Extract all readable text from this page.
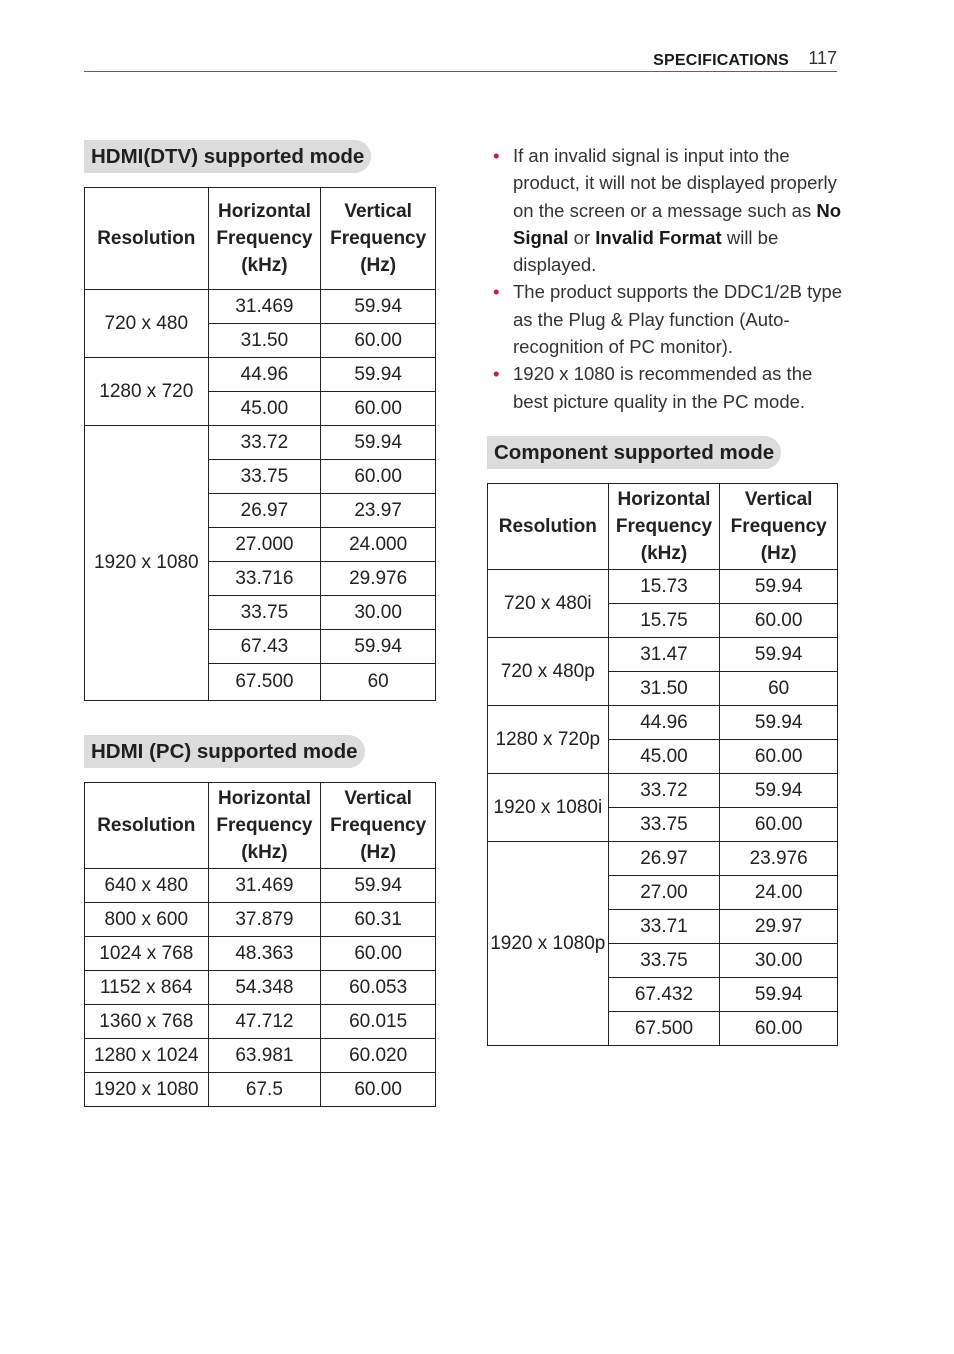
SPECIFICATIONS 117
HDMI(DTV) supported mode
Resolution	Horizontal Frequency (kHz)	Vertical Frequency (Hz)
720 x 480	31.469	59.94
	31.50	60.00
1280 x 720	44.96	59.94
	45.00	60.00
1920 x 1080	33.72	59.94
	33.75	60.00
	26.97	23.97
	27.000	24.000
	33.716	29.976
	33.75	30.00
	67.43	59.94
	67.500	60
HDMI (PC) supported mode
Resolution	Horizontal Frequency (kHz)	Vertical Frequency (Hz)
640 x 480	31.469	59.94
800 x 600	37.879	60.31
1024 x 768	48.363	60.00
1152 x 864	54.348	60.053
1360 x 768	47.712	60.015
1280 x 1024	63.981	60.020
1920 x 1080	67.5	60.00
• If an invalid signal is input into the product, it will not be displayed properly on the screen or a message such as No Signal or Invalid Format will be displayed.
• The product supports the DDC1/2B type as the Plug & Play function (Auto-recognition of PC monitor).
• 1920 x 1080 is recommended as the best picture quality in the PC mode.
Component supported mode
Resolution	Horizontal Frequency (kHz)	Vertical Frequency (Hz)
720 x 480i	15.73	59.94
	15.75	60.00
720 x 480p	31.47	59.94
	31.50	60
1280 x 720p	44.96	59.94
	45.00	60.00
1920 x 1080i	33.72	59.94
	33.75	60.00
1920 x 1080p	26.97	23.976
	27.00	24.00
	33.71	29.97
	33.75	30.00
	67.432	59.94
	67.500	60.00
